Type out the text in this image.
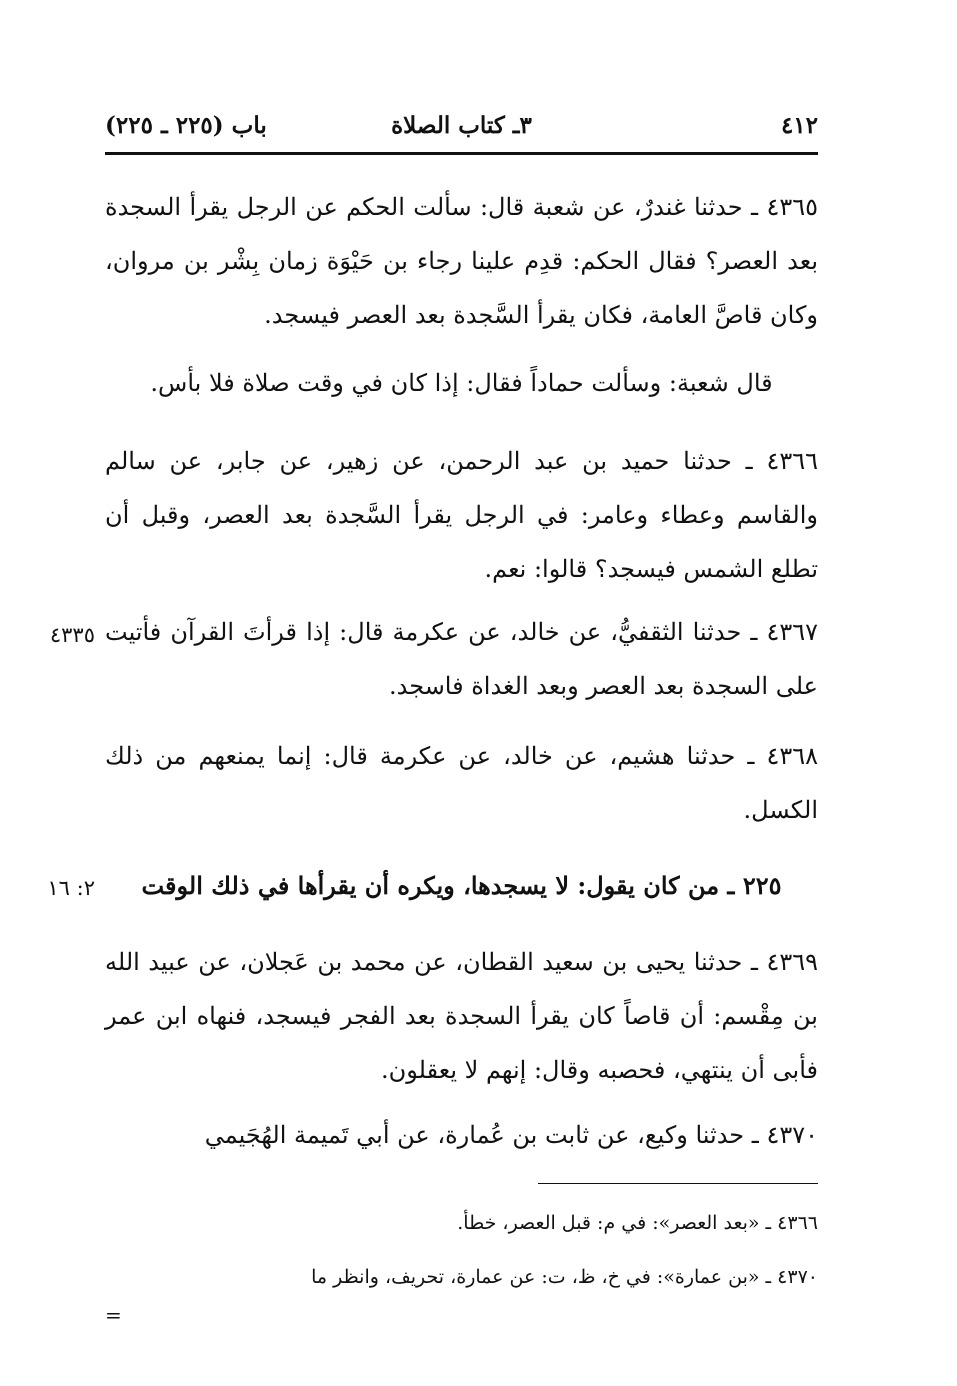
٤١٢
٣ـ كتاب الصلاة
باب (٢٢٥ ـ ٢٢٥)

٤٣٦٥ ـ حدثنا غندرٌ، عن شعبة قال: سألت الحكم عن الرجل يقرأ السجدة بعد العصر؟ فقال الحكم: قدِم علينا رجاء بن حَيْوَة زمان بِشْر بن مروان، وكان قاصَّ العامة، فكان يقرأ السَّجدة بعد العصر فيسجد.

قال شعبة: وسألت حماداً فقال: إذا كان في وقت صلاة فلا بأس.

٤٣٦٦ ـ حدثنا حميد بن عبد الرحمن، عن زهير، عن جابر، عن سالم والقاسم وعطاء وعامر: في الرجل يقرأ السَّجدة بعد العصر، وقبل أن تطلع الشمس فيسجد؟ قالوا: نعم.

٤٣٣٥ ٤٣٦٧ ـ حدثنا الثقفيُّ، عن خالد، عن عكرمة قال: إذا قرأتَ القرآن فأتيت على السجدة بعد العصر وبعد الغداة فاسجد.

٤٣٦٨ ـ حدثنا هشيم، عن خالد، عن عكرمة قال: إنما يمنعهم من ذلك الكسل.

٢: ١٦	٢٢٥ ـ من كان يقول: لا يسجدها، ويكره أن يقرأها في ذلك الوقت

٤٣٦٩ ـ حدثنا يحيى بن سعيد القطان، عن محمد بن عَجلان، عن عبيد الله بن مِقْسم: أن قاصاً كان يقرأ السجدة بعد الفجر فيسجد، فنهاه ابن عمر فأبى أن ينتهي، فحصبه وقال: إنهم لا يعقلون.

٤٣٧٠ ـ حدثنا وكيع، عن ثابت بن عُمارة، عن أبي تَميمة الهُجَيمي

٤٣٦٦ ـ «بعد العصر»: في م: قبل العصر، خطأ.

٤٣٧٠ ـ «بن عمارة»: في خ، ظ، ت: عن عمارة، تحريف، وانظر ما

=
